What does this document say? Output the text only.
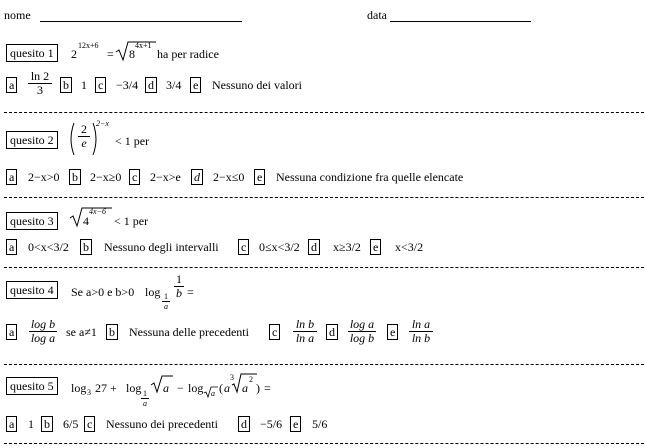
nome	data
quesito 1	2
12x+6
= 8
4x+1
ha per radice
a $\frac{\ln 2}{3}$ b 1 c −3/4 d 3/4 e Nessuno dei valori
quesito 2	$\frac{2}{e} 2-x$
< 1 per
a 2−x>0 b 2−x≥0 c 2−x>e d 2−x≤0 e Nessuna condizione fra quelle elencate
quesito 3	4
4x−6
< 1 per
a 0<x<3/2 b Nessuno degli intervalli c 0≤x<3/2 d x≥3/2 e x<3/2
quesito 4	Se a>0 e b>0 $\log \frac{1}{a}$
$\frac{1}{b}$ =
a $\frac{\text{log b}}{\text{log a}}$ se a≠1 b Nessuna delle precedenti c $\frac{\text{ln b}}{\text{ln a}}$ d $\frac{\text{log a}}{\text{log b}}$ e $\frac{\text{ln a}}{\text{ln b}}$
quesito 5	log 3 27 + log
$\frac{1}{a}$
a − log a ( a
3
a
2
) =
a 1 b 6/5 c Nessuno dei precedenti d −5/6 e 5/6
